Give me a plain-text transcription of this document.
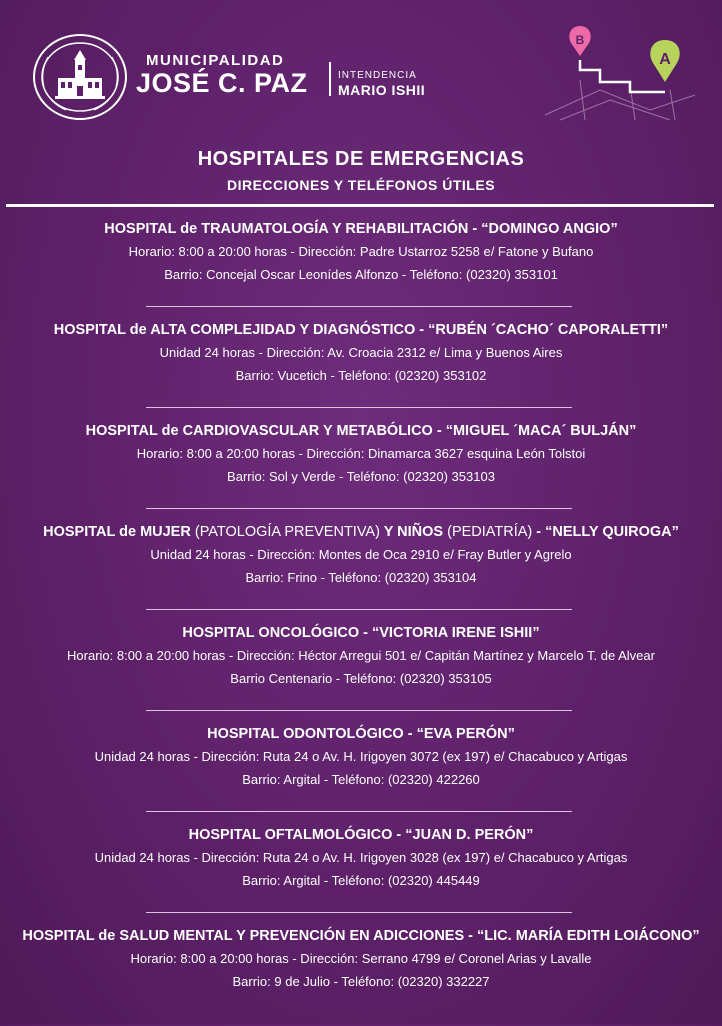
MUNICIPALIDAD
JOSÉ C. PAZ	INTENDENCIA
MARIO ISHII
B
A
HOSPITALES DE EMERGENCIAS
DIRECCIONES Y TELÉFONOS ÚTILES
HOSPITAL de TRAUMATOLOGÍA Y REHABILITACIÓN - “DOMINGO ANGIO”
Horario: 8:00 a 20:00 horas - Dirección: Padre Ustarroz 5258 e/ Fatone y Bufano
Barrio: Concejal Oscar Leonídes Alfonzo - Teléfono: (02320) 353101
HOSPITAL de ALTA COMPLEJIDAD Y DIAGNÓSTICO - “RUBÉN ´CACHO´ CAPORALETTI”
Unidad 24 horas - Dirección: Av. Croacia 2312 e/ Lima y Buenos Aires
Barrio: Vucetich - Teléfono: (02320) 353102
HOSPITAL de CARDIOVASCULAR Y METABÓLICO - “MIGUEL ´MACA´ BULJÁN”
Horario: 8:00 a 20:00 horas - Dirección: Dinamarca 3627 esquina León Tolstoi
Barrio: Sol y Verde - Teléfono: (02320) 353103
HOSPITAL de MUJER (PATOLOGÍA PREVENTIVA) Y NIÑOS (PEDIATRÍA) - “NELLY QUIROGA”
Unidad 24 horas - Dirección: Montes de Oca 2910 e/ Fray Butler y Agrelo
Barrio: Frino - Teléfono: (02320) 353104
HOSPITAL ONCOLÓGICO - “VICTORIA IRENE ISHII”
Horario: 8:00 a 20:00 horas - Dirección: Héctor Arregui 501 e/ Capitán Martínez y Marcelo T. de Alvear
Barrio Centenario - Teléfono: (02320) 353105
HOSPITAL ODONTOLÓGICO - “EVA PERÓN”
Unidad 24 horas - Dirección: Ruta 24 o Av. H. Irigoyen 3072 (ex 197) e/ Chacabuco y Artigas
Barrio: Argital - Teléfono: (02320) 422260
HOSPITAL OFTALMOLÓGICO - “JUAN D. PERÓN”
Unidad 24 horas - Dirección: Ruta 24 o Av. H. Irigoyen 3028 (ex 197) e/ Chacabuco y Artigas
Barrio: Argital - Teléfono: (02320) 445449
HOSPITAL de SALUD MENTAL Y PREVENCIÓN EN ADICCIONES - “LIC. MARÍA EDITH LOIÁCONO”
Horario: 8:00 a 20:00 horas - Dirección: Serrano 4799 e/ Coronel Arias y Lavalle
Barrio: 9 de Julio - Teléfono: (02320) 332227
